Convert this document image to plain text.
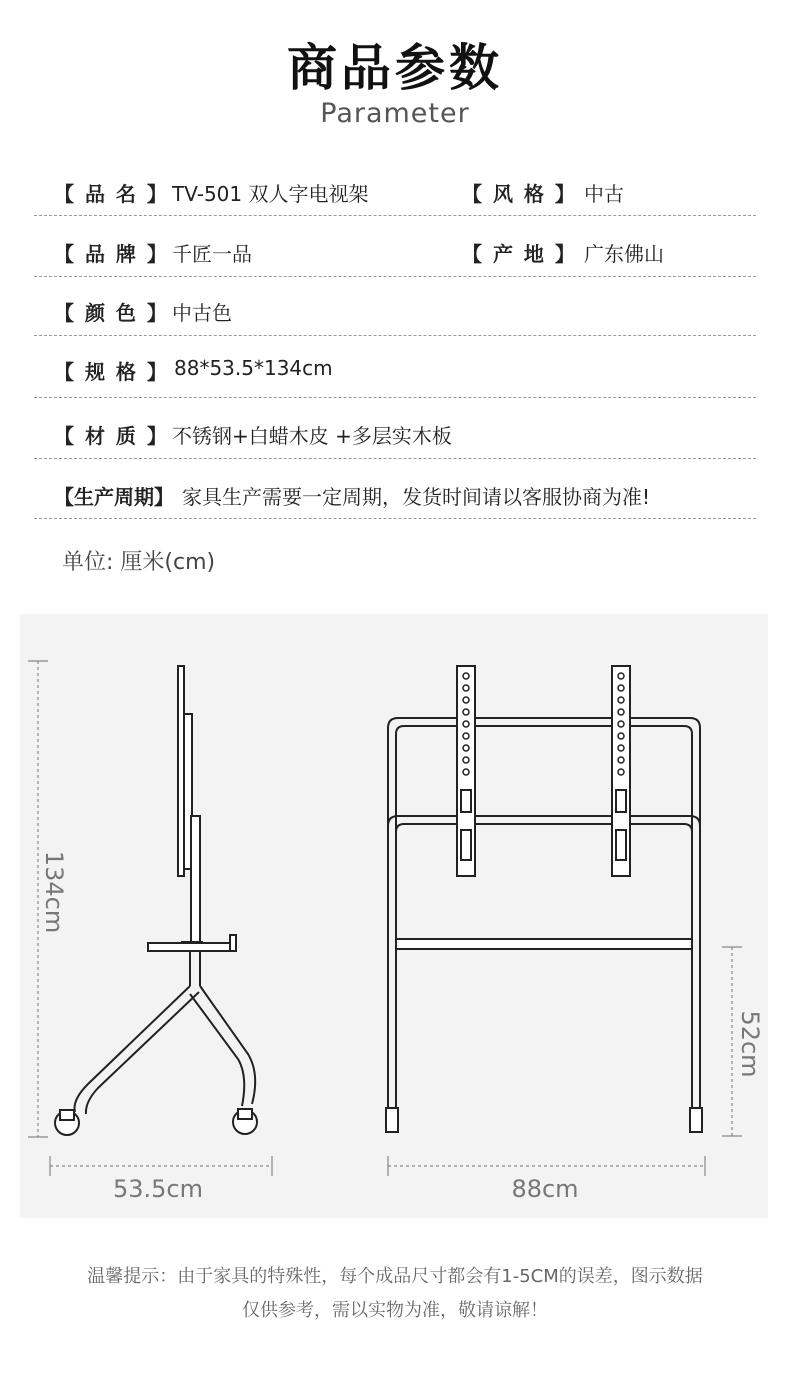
商品参数
Parameter
【 品 名 】 TV-501 双人字电视架	【 风 格 】 中古
【 品 牌 】 千匠一品	【 产 地 】 广东佛山
【 颜 色 】 中古色
【 规 格 】 88*53.5*134cm
【 材 质 】 不锈钢+白蜡木皮 +多层实木板
【生产周期】 家具生产需要一定周期，发货时间请以客服协商为准!
单位: 厘米(cm)
134cm
53.5cm	88cm
52cm
温馨提示：由于家具的特殊性，每个成品尺寸都会有1-5CM的误差，图示数据
仅供参考，需以实物为准，敬请谅解！
